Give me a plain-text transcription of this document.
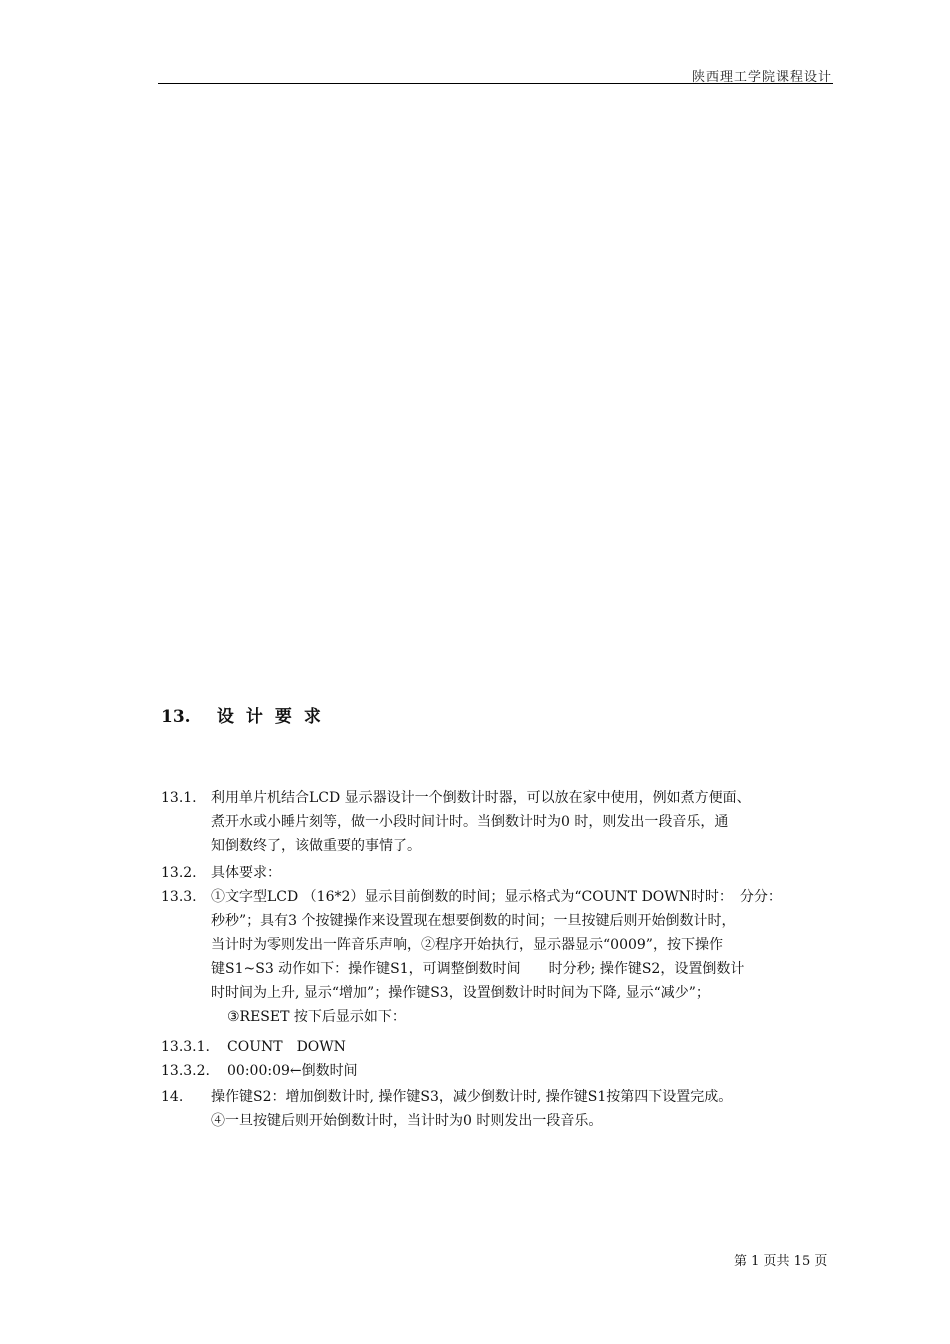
陕西理工学院课程设计
13. 设计要求
13.1. 利用单片机结合LCD 显示器设计一个倒数计时器，可以放在家中使用，例如煮方便面、
煮开水或小睡片刻等，做一小段时间计时。当倒数计时为0 时，则发出一段音乐，通
知倒数终了，该做重要的事情了。
13.2. 具体要求：
13.3. ①文字型LCD （16*2）显示目前倒数的时间；显示格式为“COUNT DOWN时时：　分分：
秒秒”；具有3 个按键操作来设置现在想要倒数的时间；一旦按键后则开始倒数计时，
当计时为零则发出一阵音乐声响，②程序开始执行，显示器显示“0009”，按下操作
键S1~S3 动作如下：操作键S1，可调整倒数时间　　时分秒; 操作键S2，设置倒数计
时时间为上升, 显示“增加”；操作键S3，设置倒数计时时间为下降, 显示“减少”；
③RESET 按下后显示如下：
13.3.1. COUNT　DOWN
13.3.2. 00:00:09←倒数时间
14. 操作键S2：增加倒数计时, 操作键S3，减少倒数计时, 操作键S1按第四下设置完成。
④一旦按键后则开始倒数计时，当计时为0 时则发出一段音乐。
第 1 页共 15 页
